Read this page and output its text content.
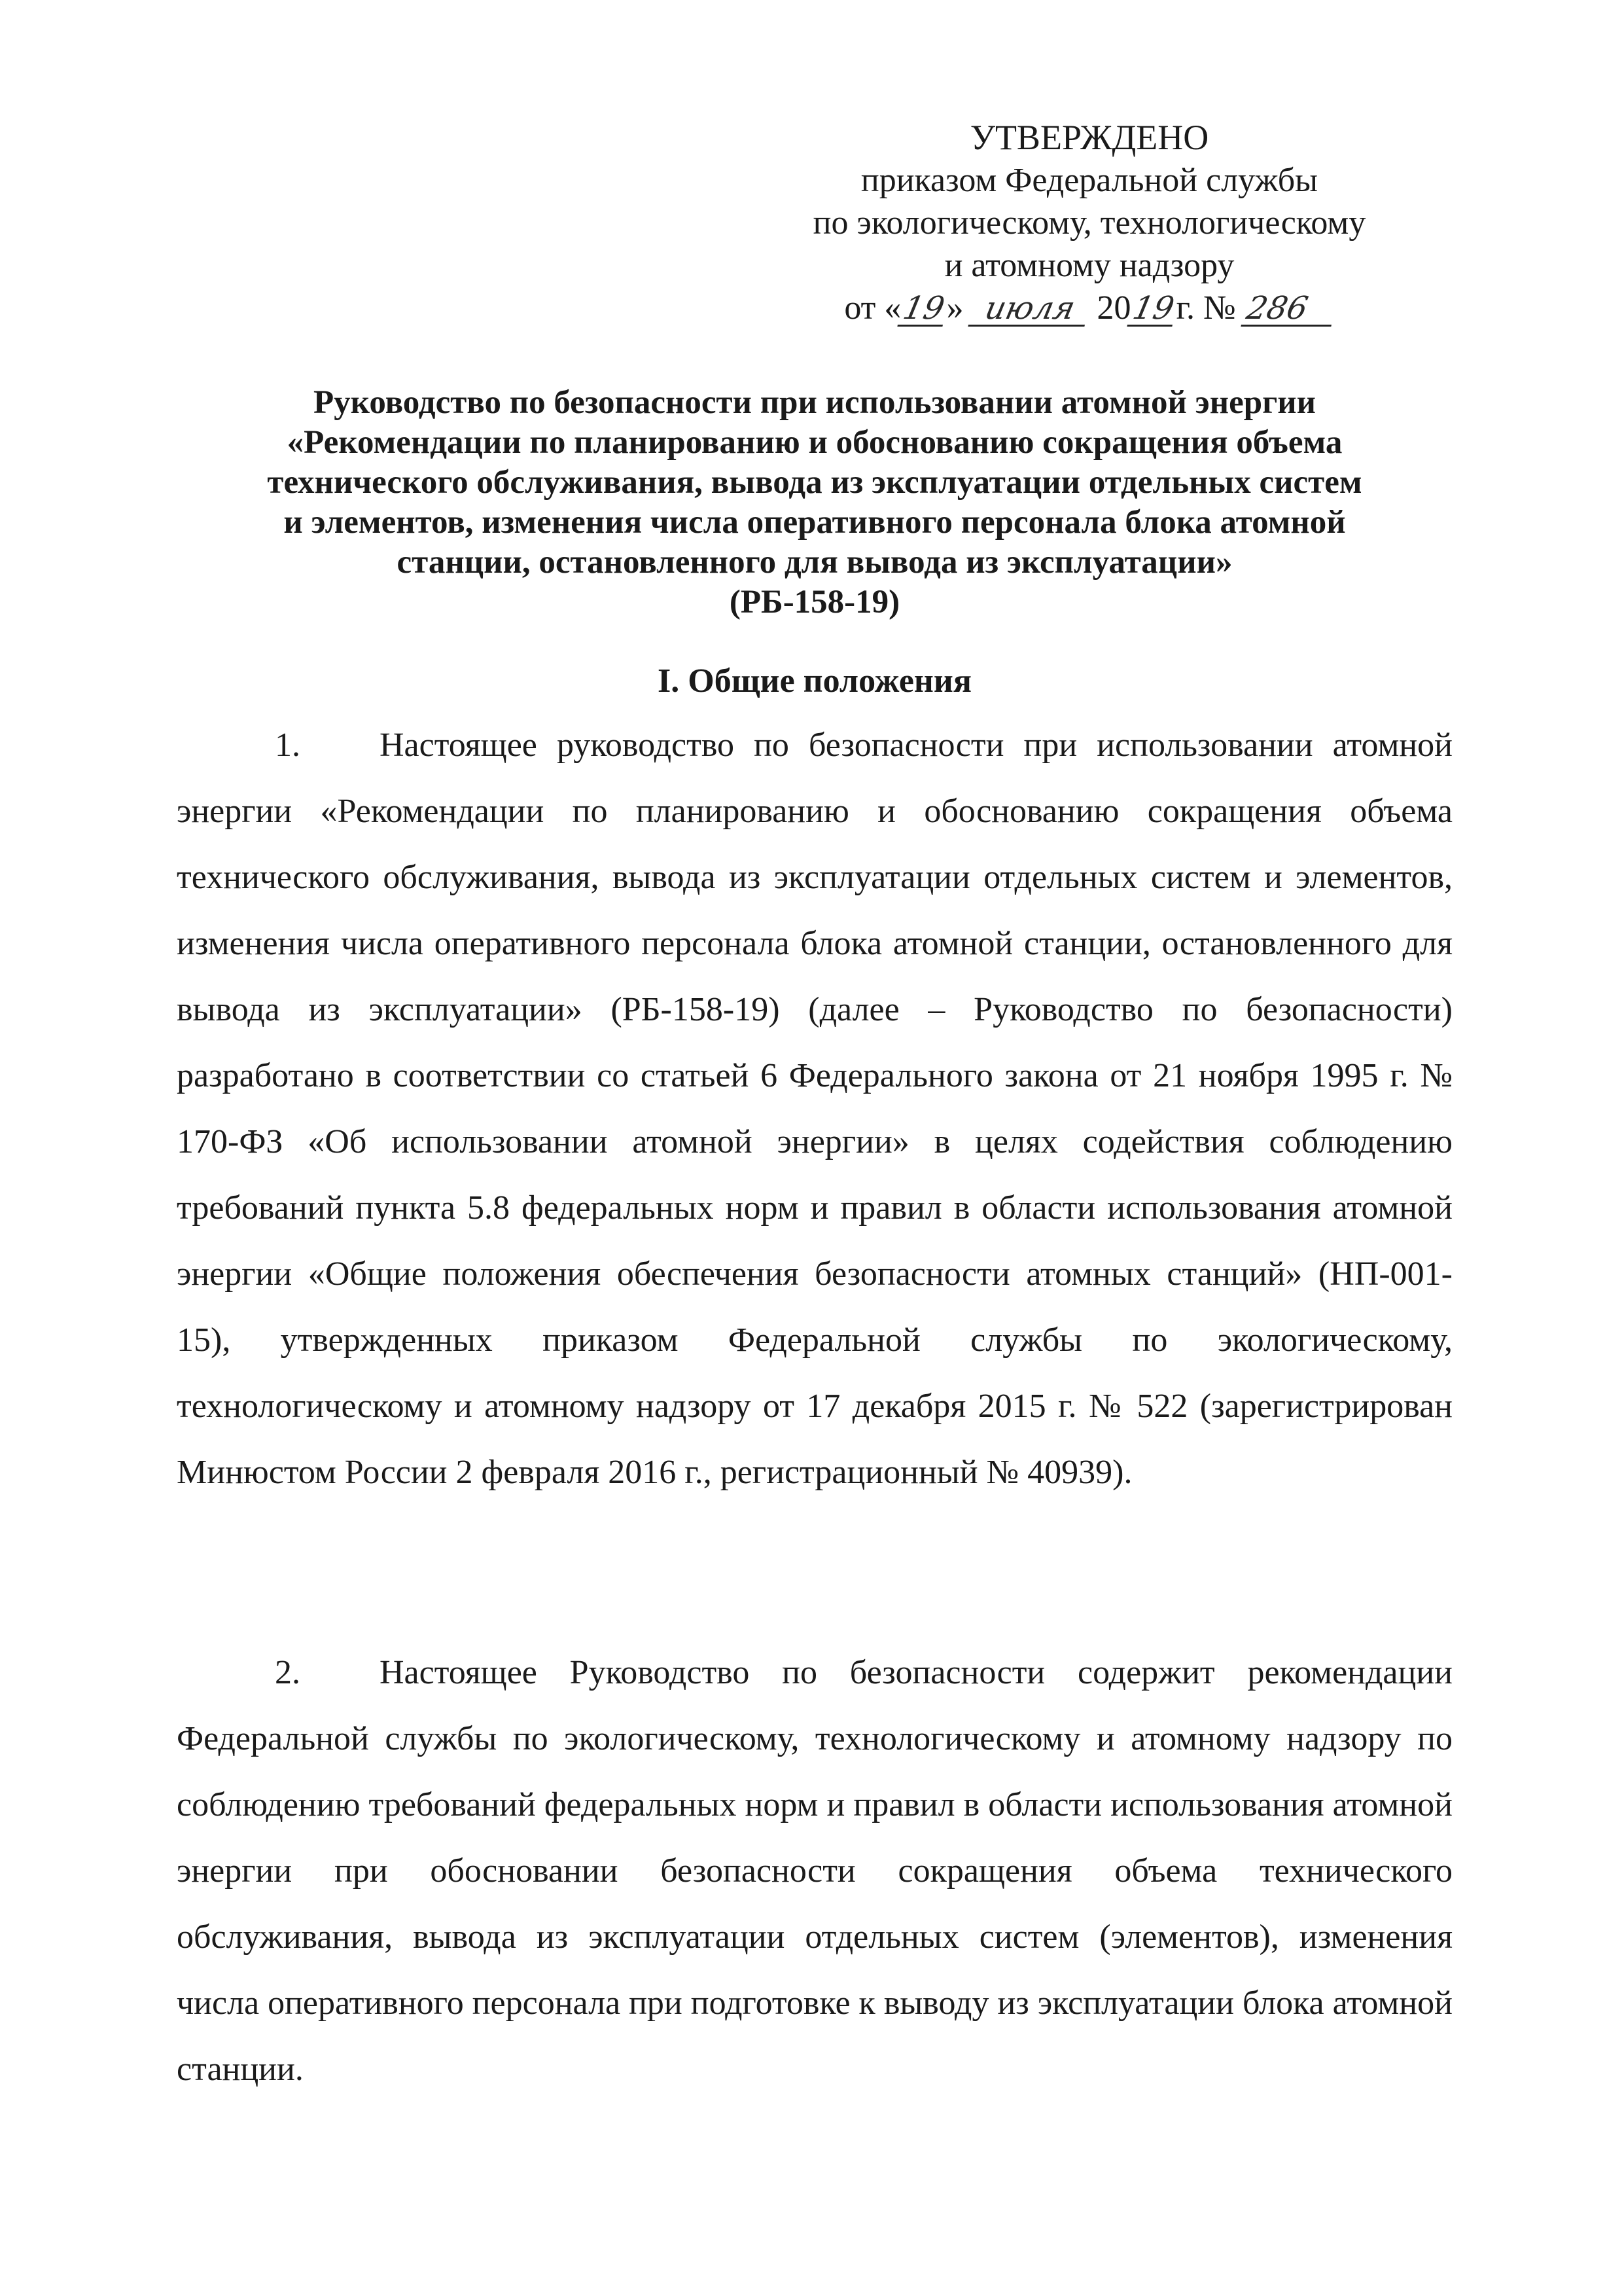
УТВЕРЖДЕНО
приказом Федеральной службы
по экологическому, технологическому
и атомному надзору
от «19» июля 2019г. № 286
Руководство по безопасности при использовании атомной энергии
«Рекомендации по планированию и обоснованию сокращения объема
технического обслуживания, вывода из эксплуатации отдельных систем
и элементов, изменения числа оперативного персонала блока атомной
станции, остановленного для вывода из эксплуатации»
(РБ-158-19)
I. Общие положения
1. Настоящее руководство по безопасности при использовании атомной энергии «Рекомендации по планированию и обоснованию сокращения объема технического обслуживания, вывода из эксплуатации отдельных систем и элементов, изменения числа оперативного персонала блока атомной станции, остановленного для вывода из эксплуатации» (РБ-158-19) (далее – Руководство по безопасности) разработано в соответствии со статьей 6 Федерального закона от 21 ноября 1995 г. № 170-ФЗ «Об использовании атомной энергии» в целях содействия соблюдению требований пункта 5.8 федеральных норм и правил в области использования атомной энергии «Общие положения обеспечения безопасности атомных станций» (НП-001-15), утвержденных приказом Федеральной службы по экологическому, технологическому и атомному надзору от 17 декабря 2015 г. № 522 (зарегистрирован Минюстом России 2 февраля 2016 г., регистрационный № 40939).
2. Настоящее Руководство по безопасности содержит рекомендации Федеральной службы по экологическому, технологическому и атомному надзору по соблюдению требований федеральных норм и правил в области использования атомной энергии при обосновании безопасности сокращения объема технического обслуживания, вывода из эксплуатации отдельных систем (элементов), изменения числа оперативного персонала при подготовке к выводу из эксплуатации блока атомной станции.
